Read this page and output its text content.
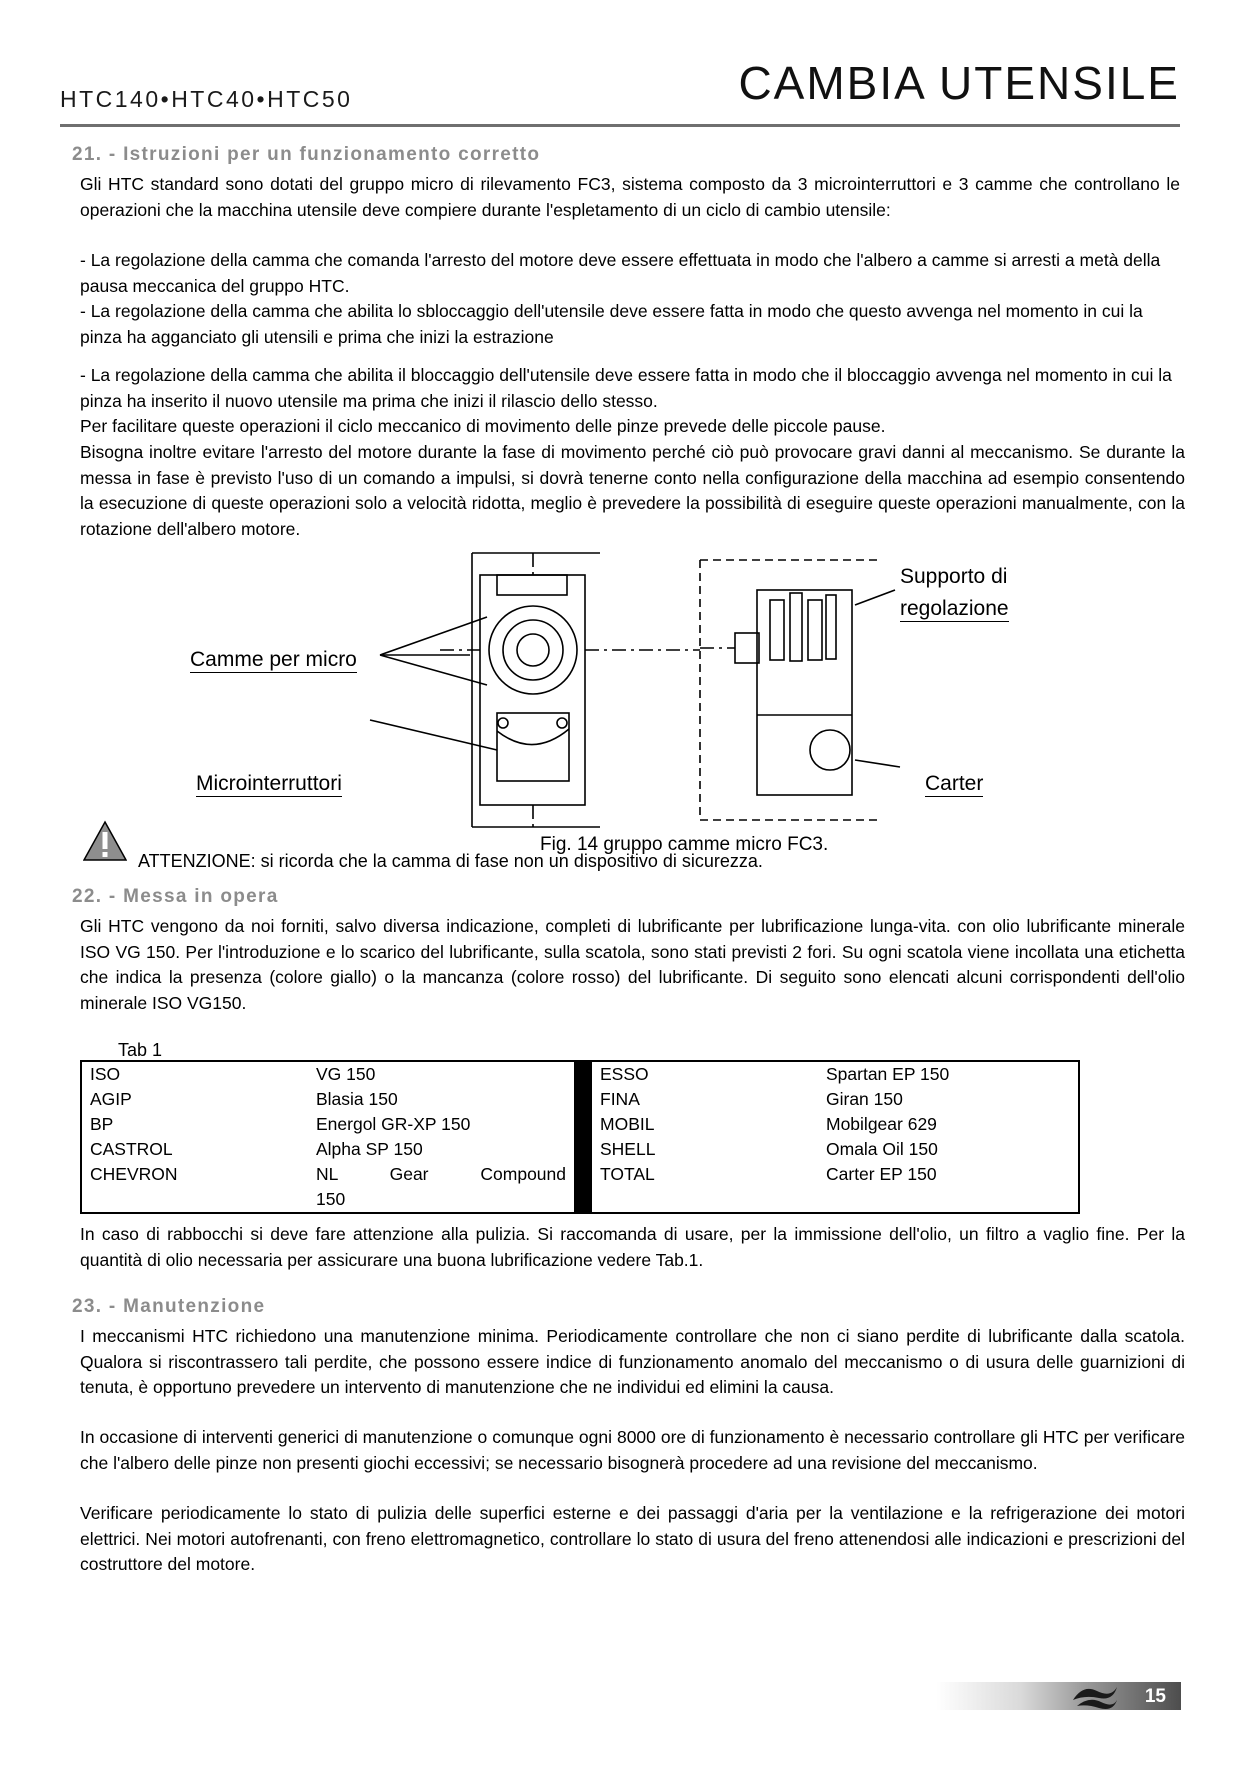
HTC140•HTC40•HTC50	CAMBIA UTENSILE
21. - Istruzioni per un funzionamento corretto
Gli HTC standard sono dotati del gruppo micro di rilevamento FC3, sistema composto da 3 microinterruttori e 3 camme che controllano le operazioni che la macchina utensile deve compiere durante l'espletamento di un ciclo di cambio utensile:
- La regolazione della camma che comanda l'arresto del motore deve essere effettuata in modo che l'albero a camme si arresti a metà della pausa meccanica del gruppo HTC.
- La regolazione della camma che abilita lo sbloccaggio dell'utensile deve essere fatta in modo che questo avvenga nel momento in cui la pinza ha agganciato gli utensili e prima che inizi la estrazione
- La regolazione della camma che abilita il bloccaggio dell'utensile deve essere fatta in modo che il bloccaggio avvenga nel momento in cui la pinza ha inserito il nuovo utensile ma prima che inizi il rilascio dello stesso.
Per facilitare queste operazioni il ciclo meccanico di movimento delle pinze prevede delle piccole pause.
Bisogna inoltre evitare l'arresto del motore durante la fase di movimento perché ciò può provocare gravi danni al meccanismo. Se durante la messa in fase è previsto l'uso di un comando a impulsi, si dovrà tenerne conto nella configurazione della macchina ad esempio consentendo la esecuzione di queste operazioni solo a velocità ridotta, meglio è prevedere la possibilità di eseguire queste operazioni manualmente, con la rotazione dell'albero motore.
Camme per micro
Microinterruttori
Supporto di
regolazione
Carter
Fig. 14 gruppo camme micro FC3.
ATTENZIONE: si ricorda che la camma di fase non un dispositivo di sicurezza.
22. - Messa in opera
Gli HTC vengono da noi forniti, salvo diversa indicazione, completi di lubrificante per lubrificazione lunga-vita. con olio lubrificante minerale ISO VG 150. Per l'introduzione e lo scarico del lubrificante, sulla scatola, sono stati previsti 2 fori. Su ogni scatola viene incollata una etichetta che indica la presenza (colore giallo) o la mancanza (colore rosso) del lubrificante. Di seguito sono elencati alcuni corrispondenti dell'olio minerale ISO VG150.
Tab 1
ISO	VG 150		ESSO	Spartan EP 150
AGIP	Blasia 150		FINA	Giran 150
BP	Energol GR-XP 150		MOBIL	Mobilgear 629
CASTROL	Alpha SP 150		SHELL	Omala Oil 150
CHEVRON	NL Gear Compound		TOTAL	Carter EP 150
	150			
In caso di rabbocchi si deve fare attenzione alla pulizia. Si raccomanda di usare, per la immissione dell'olio, un filtro a vaglio fine. Per la quantità di olio necessaria per assicurare una buona lubrificazione vedere Tab.1.
23. - Manutenzione
I meccanismi HTC richiedono una manutenzione minima. Periodicamente controllare che non ci siano perdite di lubrificante dalla scatola. Qualora si riscontrassero tali perdite, che possono essere indice di funzionamento anomalo del meccanismo o di usura delle guarnizioni di tenuta, è opportuno prevedere un intervento di manutenzione che ne individui ed elimini la causa.
In occasione di interventi generici di manutenzione o comunque ogni 8000 ore di funzionamento è necessario controllare gli HTC per verificare che l'albero delle pinze non presenti giochi eccessivi; se necessario bisognerà procedere ad una revisione del meccanismo.
Verificare periodicamente lo stato di pulizia delle superfici esterne e dei passaggi d'aria per la ventilazione e la refrigerazione dei motori elettrici. Nei motori autofrenanti, con freno elettromagnetico, controllare lo stato di usura del freno attenendosi alle indicazioni e prescrizioni del costruttore del motore.
15
